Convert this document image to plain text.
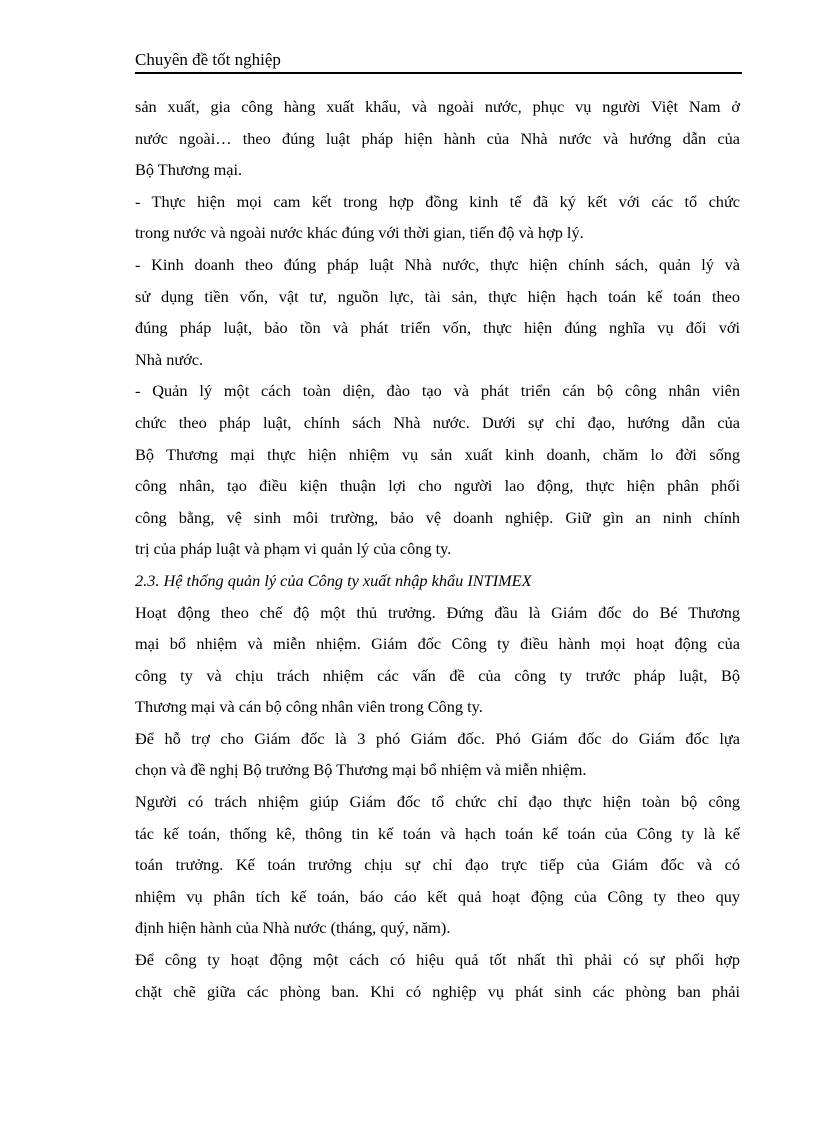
Chuyên đề tốt nghiệp
sản xuất, gia công hàng xuất khẩu, và ngoài nước, phục vụ người Việt Nam ở
nước ngoài… theo đúng luật pháp hiện hành của Nhà nước và hướng dẫn của
Bộ Thương mại.
- Thực hiện mọi cam kết trong hợp đồng kinh tế đã ký kết với các tổ chức
trong nước và ngoài nước khác đúng với thời gian, tiến độ và hợp lý.
- Kinh doanh theo đúng pháp luật Nhà nước, thực hiện chính sách, quản lý và
sử dụng tiền vốn, vật tư, nguồn lực, tài sản, thực hiện hạch toán kế toán theo
đúng pháp luật, bảo tồn và phát triển vốn, thực hiện đúng nghĩa vụ đối với
Nhà nước.
- Quản lý một cách toàn diện, đào tạo và phát triển cán bộ công nhân viên
chức theo pháp luật, chính sách Nhà nước. Dưới sự chỉ đạo, hướng dẫn của
Bộ Thương mại thực hiện nhiệm vụ sản xuất kinh doanh, chăm lo đời sống
công nhân, tạo điều kiện thuận lợi cho người lao động, thực hiện phân phối
công bằng, vệ sinh môi trường, bảo vệ doanh nghiệp. Giữ gìn an ninh chính
trị của pháp luật và phạm vi quản lý của công ty.
2.3. Hệ thống quản lý của Công ty xuất nhập khẩu INTIMEX
Hoạt động theo chế độ một thủ trưởng. Đứng đầu là Giám đốc do Bé Thương
mại bổ nhiệm và miễn nhiệm. Giám đốc Công ty điều hành mọi hoạt động của
công ty và chịu trách nhiệm các vấn đề của công ty trước pháp luật, Bộ
Thương mại và cán bộ công nhân viên trong Công ty.
Để hỗ trợ cho Giám đốc là 3 phó Giám đốc. Phó Giám đốc do Giám đốc lựa
chọn và đề nghị Bộ trưởng Bộ Thương mại bổ nhiệm và miễn nhiệm.
Người có trách nhiệm giúp Giám đốc tổ chức chỉ đạo thực hiện toàn bộ công
tác kế toán, thống kê, thông tin kế toán và hạch toán kế toán của Công ty là kế
toán trưởng. Kế toán trưởng chịu sự chỉ đạo trực tiếp của Giám đốc và có
nhiệm vụ phân tích kế toán, báo cáo kết quả hoạt động của Công ty theo quy
định hiện hành của Nhà nước (tháng, quý, năm).
Để công ty hoạt động một cách có hiệu quả tốt nhất thì phải có sự phối hợp
chặt chẽ giữa các phòng ban. Khi có nghiệp vụ phát sinh các phòng ban phải
